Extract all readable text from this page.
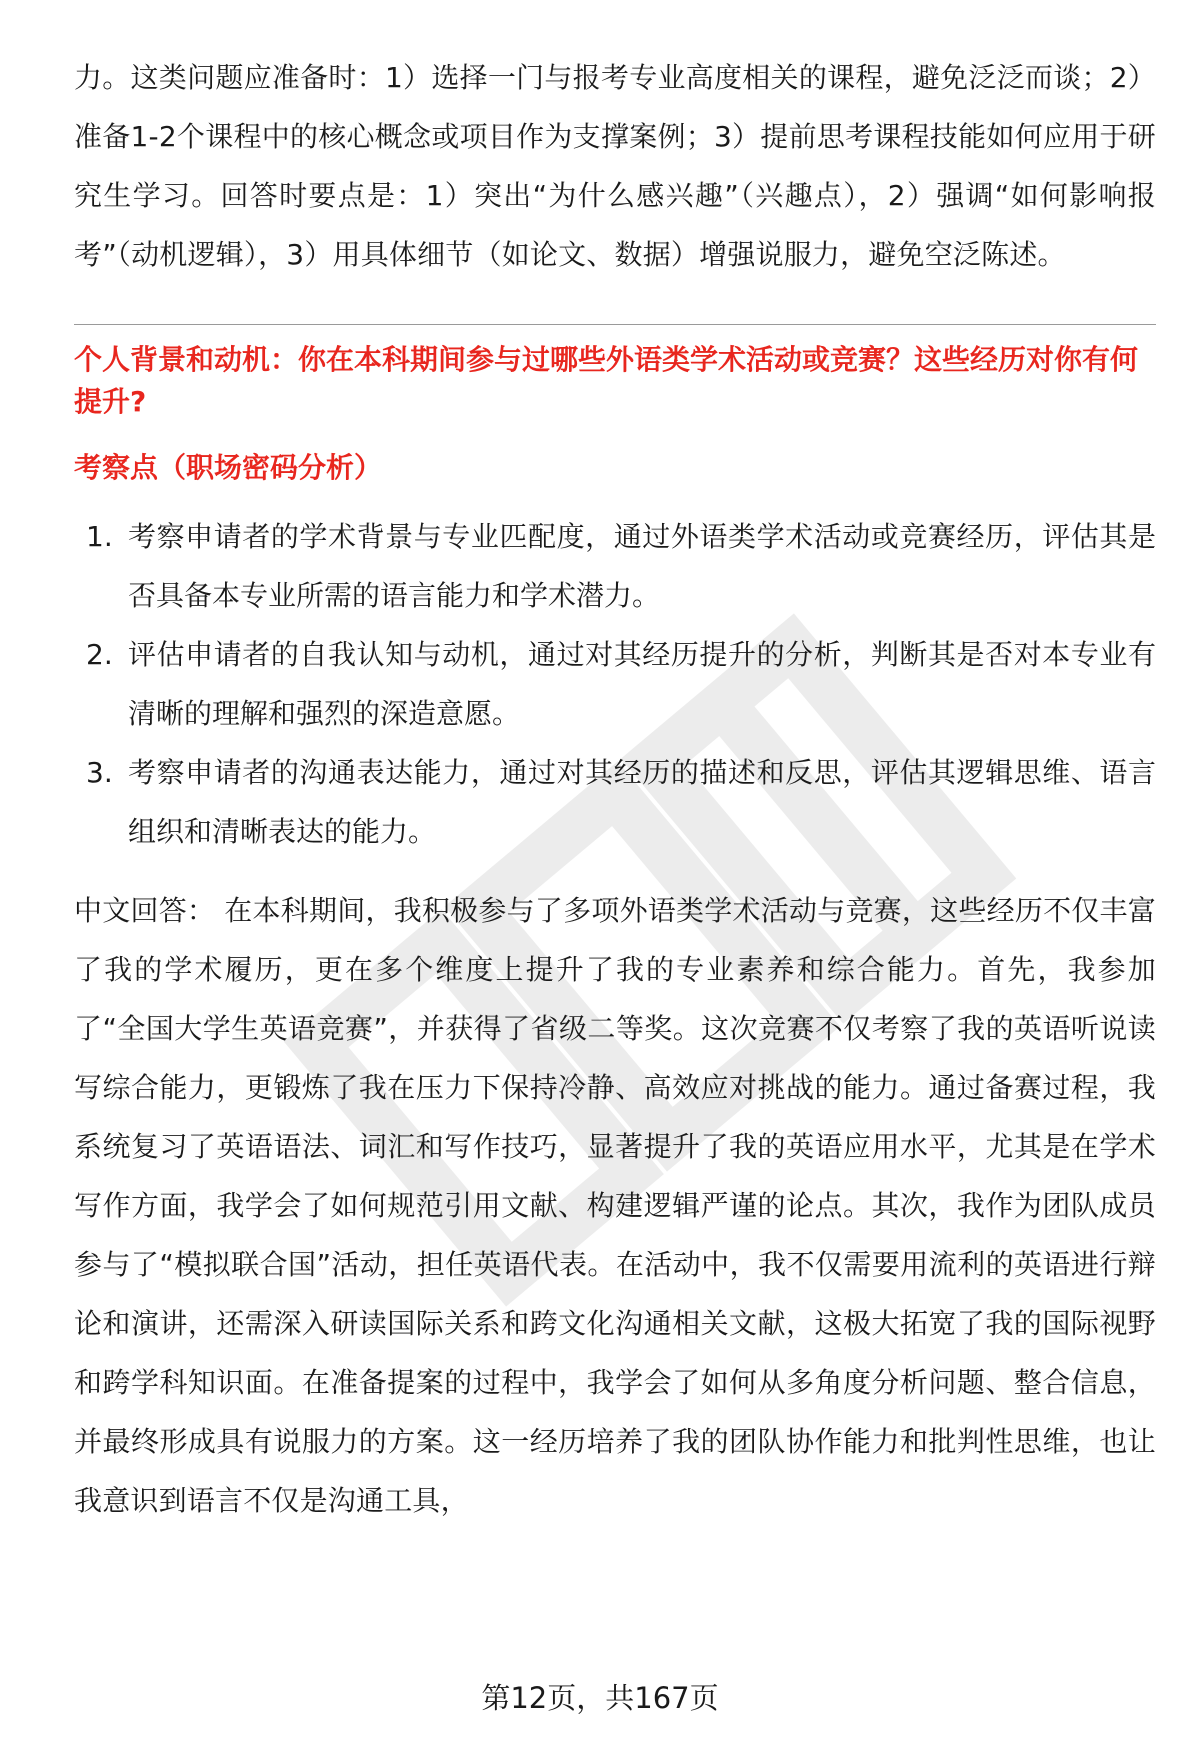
力。这类问题应准备时：1）选择一门与报考专业高度相关的课程，避免泛泛而谈；2）准备1-2个课程中的核心概念或项目作为支撑案例；3）提前思考课程技能如何应用于研究生学习。回答时要点是：1）突出“为什么感兴趣”（兴趣点），2）强调“如何影响报考”（动机逻辑），3）用具体细节（如论文、数据）增强说服力，避免空泛陈述。

个人背景和动机：你在本科期间参与过哪些外语类学术活动或竞赛？这些经历对你有何提升?

考察点（职场密码分析）

1. 考察申请者的学术背景与专业匹配度，通过外语类学术活动或竞赛经历，评估其是否具备本专业所需的语言能力和学术潜力。
2. 评估申请者的自我认知与动机，通过对其经历提升的分析，判断其是否对本专业有清晰的理解和强烈的深造意愿。
3. 考察申请者的沟通表达能力，通过对其经历的描述和反思，评估其逻辑思维、语言组织和清晰表达的能力。

中文回答： 在本科期间，我积极参与了多项外语类学术活动与竞赛，这些经历不仅丰富了我的学术履历，更在多个维度上提升了我的专业素养和综合能力。首先，我参加了“全国大学生英语竞赛”，并获得了省级二等奖。这次竞赛不仅考察了我的英语听说读写综合能力，更锻炼了我在压力下保持冷静、高效应对挑战的能力。通过备赛过程，我系统复习了英语语法、词汇和写作技巧，显著提升了我的英语应用水平，尤其是在学术写作方面，我学会了如何规范引用文献、构建逻辑严谨的论点。其次，我作为团队成员参与了“模拟联合国”活动，担任英语代表。在活动中，我不仅需要用流利的英语进行辩论和演讲，还需深入研读国际关系和跨文化沟通相关文献，这极大拓宽了我的国际视野和跨学科知识面。在准备提案的过程中，我学会了如何从多角度分析问题、整合信息，并最终形成具有说服力的方案。这一经历培养了我的团队协作能力和批判性思维，也让我意识到语言不仅是沟通工具，

第12页，共167页
